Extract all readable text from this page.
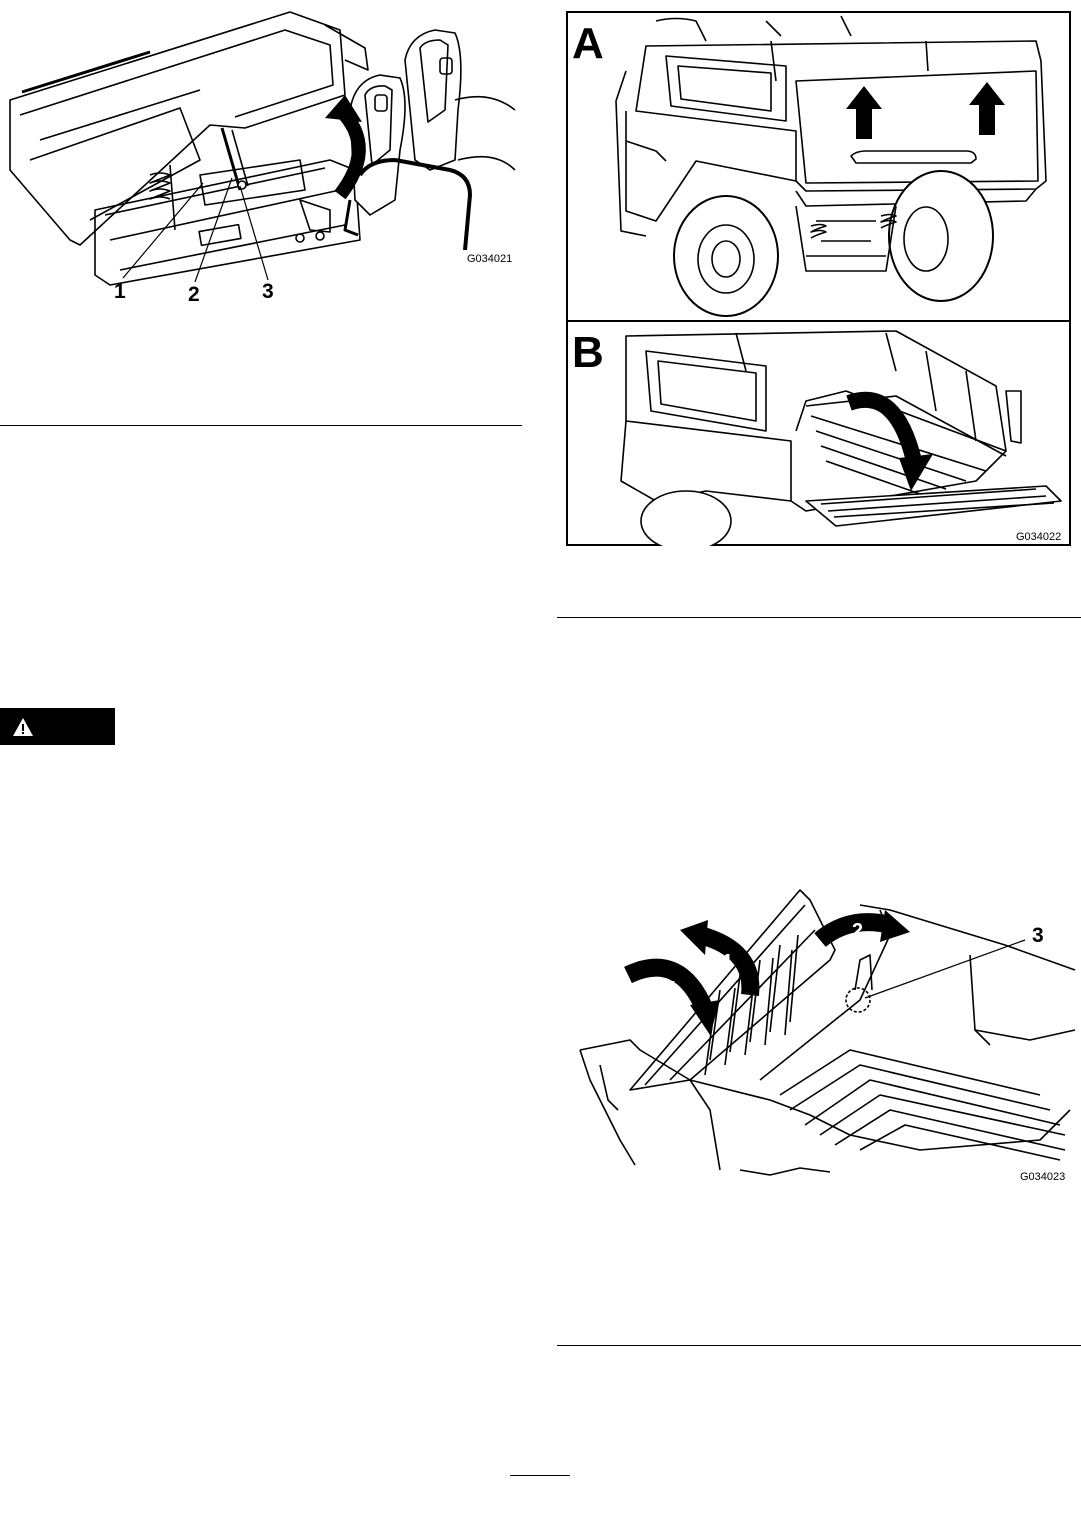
1	2	3
G034021
A
B
G034022
1
1
2	3
G034023
